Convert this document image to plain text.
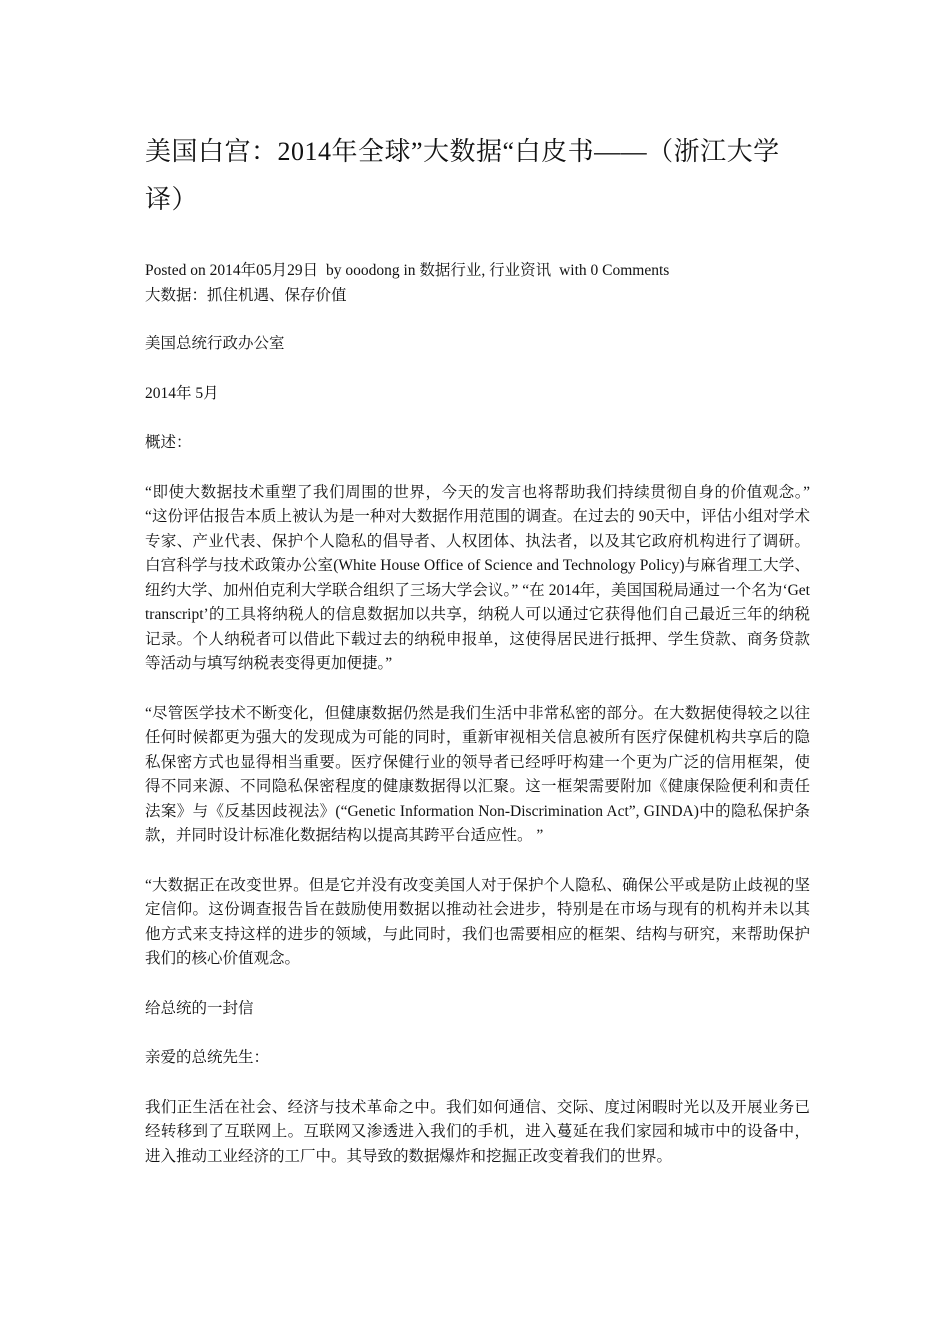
美国白宫：2014年全球”大数据“白皮书——（浙江大学译）
Posted on 2014年05月29日 by ooodong in 数据行业, 行业资讯 with 0 Comments
大数据：抓住机遇、保存价值

美国总统行政办公室

2014年 5月

概述：

“即使大数据技术重塑了我们周围的世界，今天的发言也将帮助我们持续贯彻自身的价值观念。” “这份评估报告本质上被认为是一种对大数据作用范围的调查。在过去的 90天中，评估小组对学术专家、产业代表、保护个人隐私的倡导者、人权团体、执法者，以及其它政府机构进行了调研。白宫科学与技术政策办公室(White House Office of Science and Technology Policy)与麻省理工大学、纽约大学、加州伯克利大学联合组织了三场大学会议。” “在 2014年，美国国税局通过一个名为‘Get transcript’的工具将纳税人的信息数据加以共享，纳税人可以通过它获得他们自己最近三年的纳税记录。个人纳税者可以借此下载过去的纳税申报单，这使得居民进行抵押、学生贷款、商务贷款等活动与填写纳税表变得更加便捷。”

“尽管医学技术不断变化，但健康数据仍然是我们生活中非常私密的部分。在大数据使得较之以往任何时候都更为强大的发现成为可能的同时，重新审视相关信息被所有医疗保健机构共享后的隐私保密方式也显得相当重要。医疗保健行业的领导者已经呼吁构建一个更为广泛的信用框架，使得不同来源、不同隐私保密程度的健康数据得以汇聚。这一框架需要附加《健康保险便利和责任法案》与《反基因歧视法》(“Genetic Information Non-Discrimination Act”, GINDA)中的隐私保护条款，并同时设计标准化数据结构以提高其跨平台适应性。 ”

“大数据正在改变世界。但是它并没有改变美国人对于保护个人隐私、确保公平或是防止歧视的坚定信仰。这份调查报告旨在鼓励使用数据以推动社会进步，特别是在市场与现有的机构并未以其他方式来支持这样的进步的领域，与此同时，我们也需要相应的框架、结构与研究，来帮助保护我们的核心价值观念。

给总统的一封信

亲爱的总统先生：

我们正生活在社会、经济与技术革命之中。我们如何通信、交际、度过闲暇时光以及开展业务已经转移到了互联网上。互联网又渗透进入我们的手机，进入蔓延在我们家园和城市中的设备中，进入推动工业经济的工厂中。其导致的数据爆炸和挖掘正改变着我们的世界。
